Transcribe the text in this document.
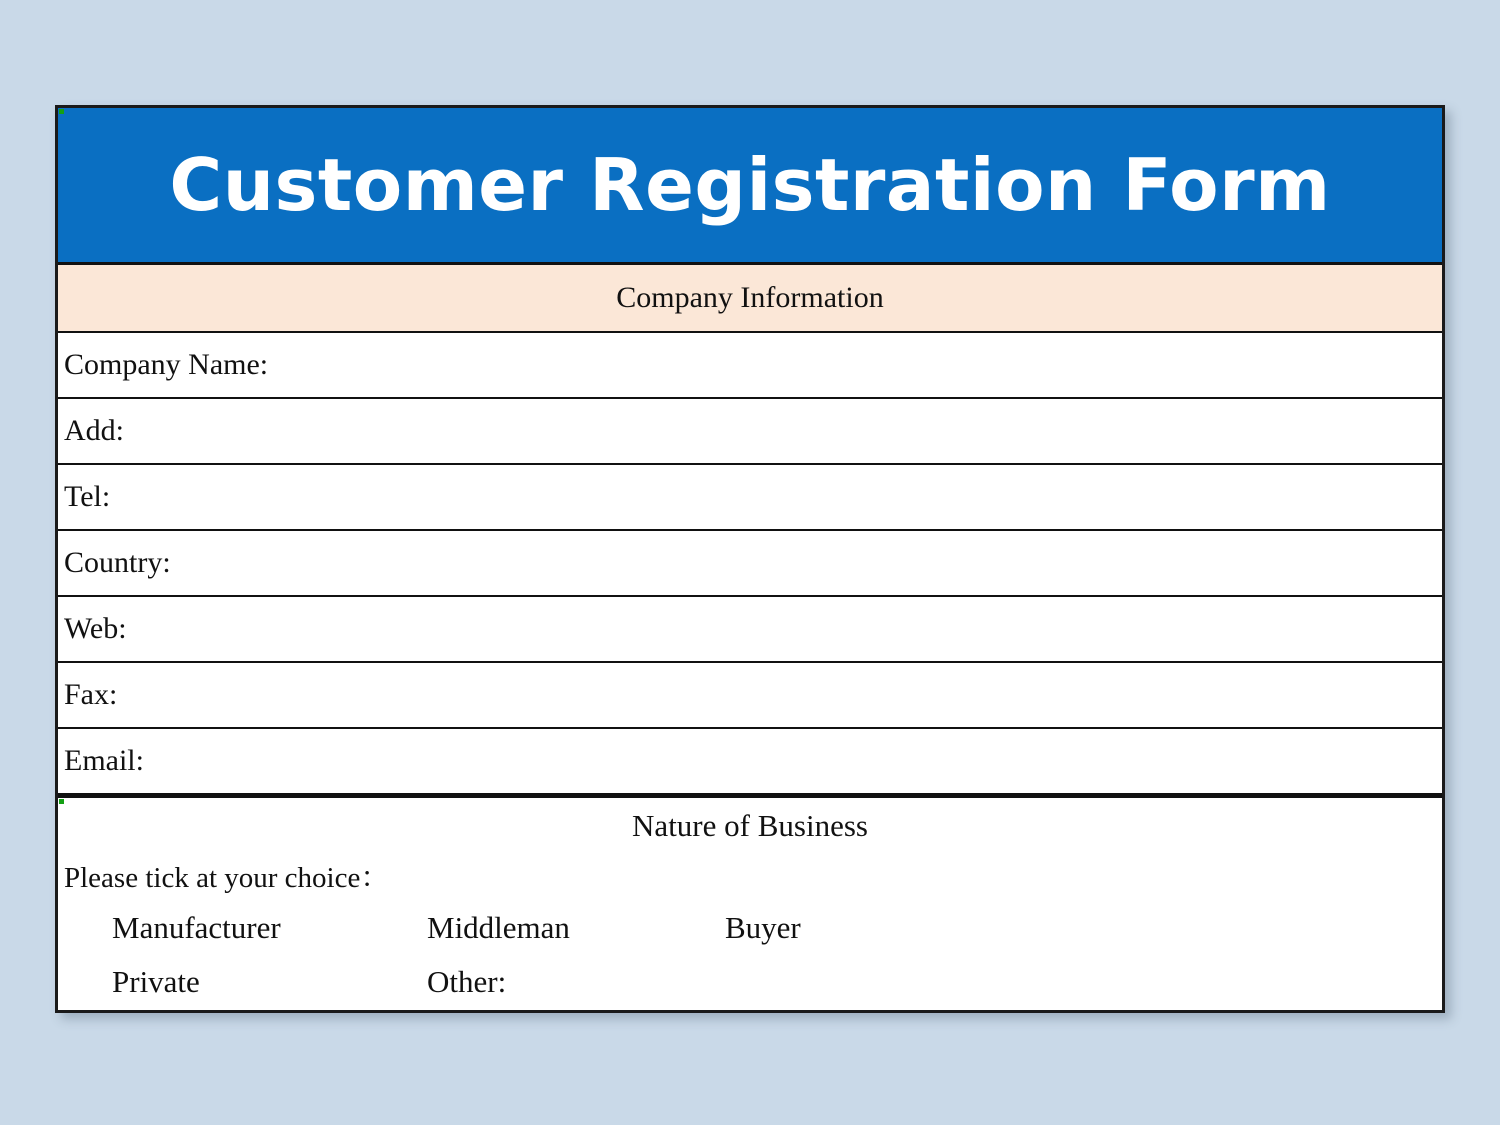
Customer Registration Form
Company Information
Company Name:
Add:
Tel:
Country:
Web:
Fax:
Email:
Nature of Business
Please tick at your choice：
Manufacturer	Middleman	Buyer
Private	Other:
